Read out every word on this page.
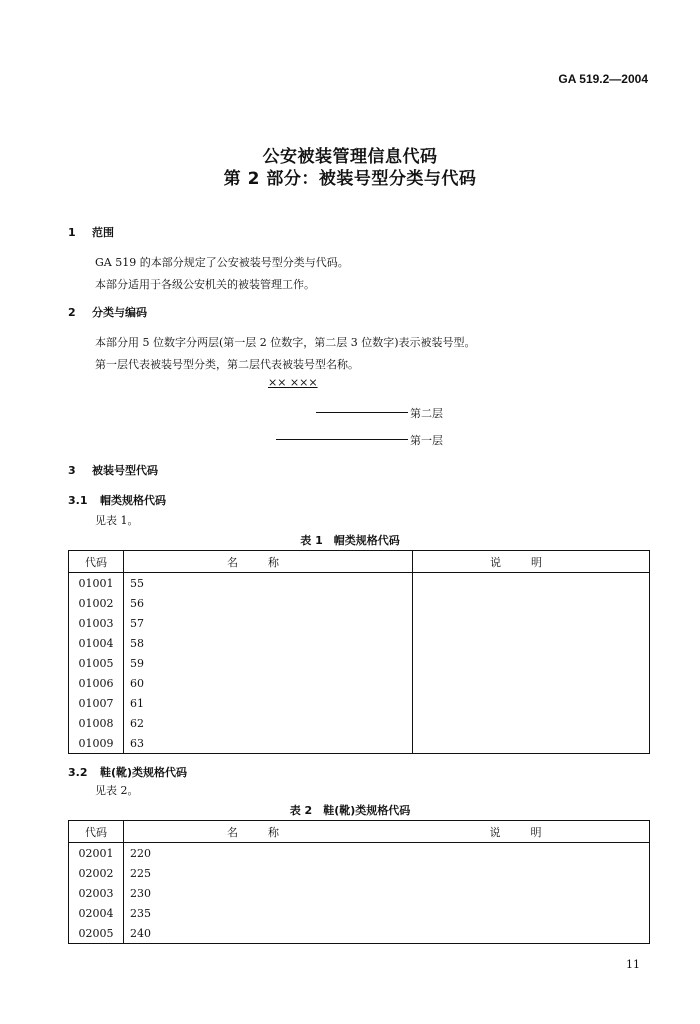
GA 519.2—2004
公安被装管理信息代码
第 2 部分：被装号型分类与代码
1 范围
GA 519 的本部分规定了公安被装号型分类与代码。
本部分适用于各级公安机关的被装管理工作。
2 分类与编码
本部分用 5 位数字分两层(第一层 2 位数字，第二层 3 位数字)表示被装号型。
第一层代表被装号型分类，第二层代表被装号型名称。
×× ×××
第二层
第一层
3 被装号型代码
3.1 帽类规格代码
见表 1。
表 1　帽类规格代码
代码	名称	说明
01001	55	
01002	56	
01003	57	
01004	58	
01005	59	
01006	60	
01007	61	
01008	62	
01009	63	
3.2 鞋(靴)类规格代码
见表 2。
表 2　鞋(靴)类规格代码
代码	名称	说明
02001	220	
02002	225	
02003	230	
02004	235	
02005	240	
11
